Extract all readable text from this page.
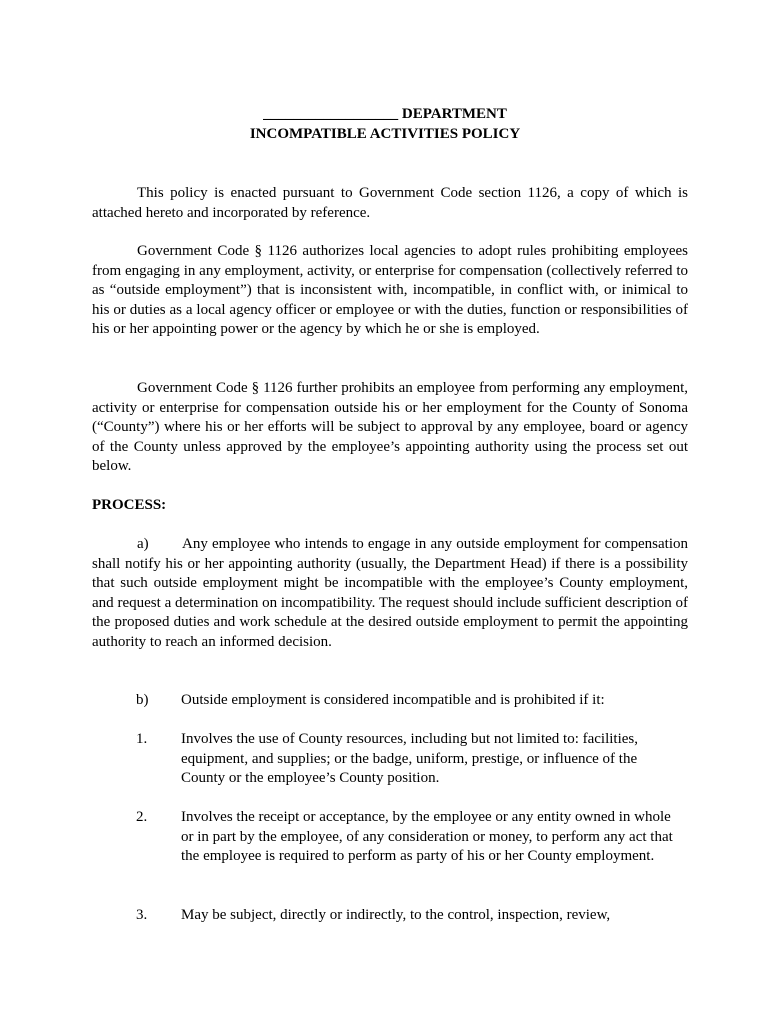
__________________ DEPARTMENT
INCOMPATIBLE ACTIVITIES POLICY
This policy is enacted pursuant to Government Code section 1126, a copy of which is attached hereto and incorporated by reference.
Government Code § 1126 authorizes local agencies to adopt rules prohibiting employees from engaging in any employment, activity, or enterprise for compensation (collectively referred to as “outside employment”) that is inconsistent with, incompatible, in conflict with, or inimical to his or duties as a local agency officer or employee or with the duties, function or responsibilities of his or her appointing power or the agency by which he or she is employed.
Government Code § 1126 further prohibits an employee from performing any employment, activity or enterprise for compensation outside his or her employment for the County of Sonoma (“County”) where his or her efforts will be subject to approval by any employee, board or agency of the County unless approved by the employee’s appointing authority using the process set out below.
PROCESS:
a) Any employee who intends to engage in any outside employment for compensation shall notify his or her appointing authority (usually, the Department Head) if there is a possibility that such outside employment might be incompatible with the employee’s County employment, and request a determination on incompatibility. The request should include sufficient description of the proposed duties and work schedule at the desired outside employment to permit the appointing authority to reach an informed decision.
b)	Outside employment is considered incompatible and is prohibited if it:
1.	Involves the use of County resources, including but not limited to: facilities, equipment, and supplies; or the badge, uniform, prestige, or influence of the County or the employee’s County position.
2.	Involves the receipt or acceptance, by the employee or any entity owned in whole or in part by the employee, of any consideration or money, to perform any act that the employee is required to perform as party of his or her County employment.
3.	May be subject, directly or indirectly, to the control, inspection, review,
